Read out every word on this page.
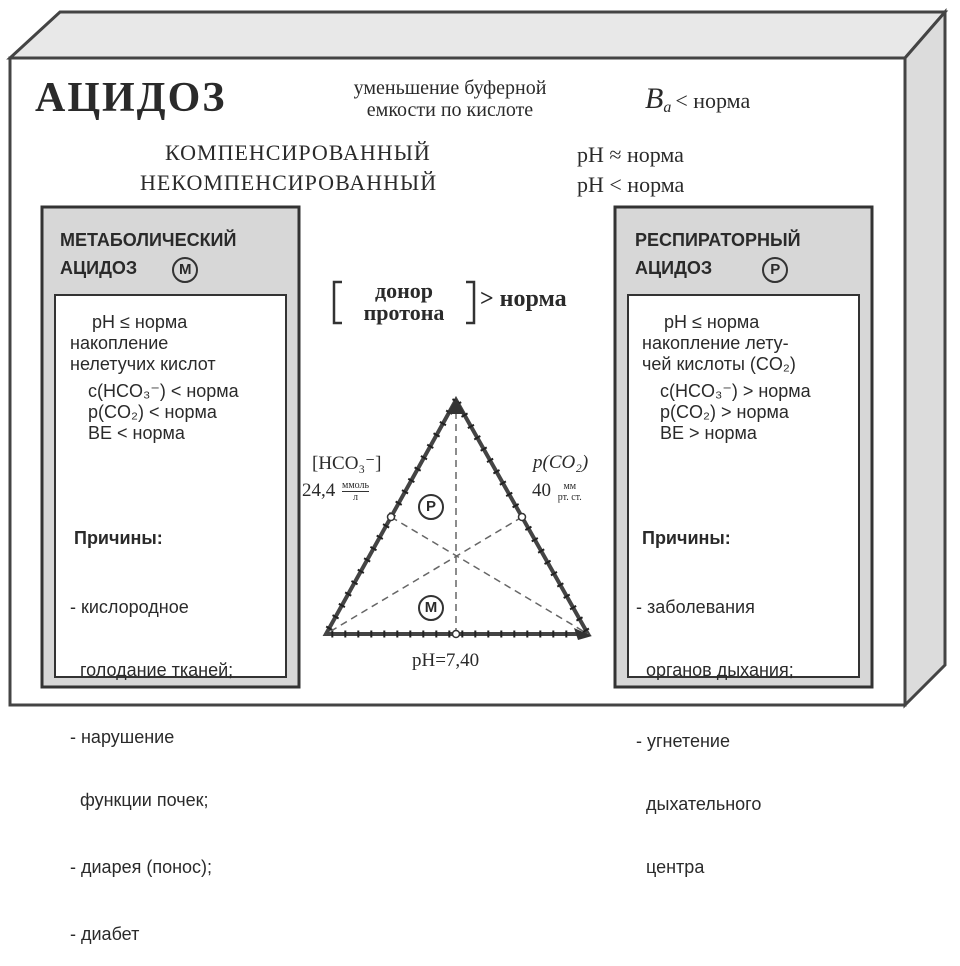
АЦИДОЗ	уменьшение буферной
емкости по кислоте	$B_a$ < норма
КОМПЕНСИРОВАННЫЙ	pH ≈ норма
НЕКОМПЕНСИРОВАННЫЙ	pH < норма
донор
протона
> норма
[HCO₃⁻]
24,4 ммоль
л
p(CO₂)
40	мм
рт. ст.
Р
М
pH=7,40
МЕТАБОЛИЧЕСКИЙ
АЦИДОЗ	М
pH ≤ норма
накопление
нелетучих кислот
c(HCO₃⁻) < норма
p(CO₂) < норма
BE < норма

Причины:

- кислородное

голодание тканей;

- нарушение

функции почек;

- диарея (понос);

- диабет

РЕСПИРАТОРНЫЙ
АЦИДОЗ	Р
pH ≤ норма
накопление лету-
чей кислоты (CO₂)
c(HCO₃⁻) > норма
p(CO₂) > норма
BE > норма

Причины:

- заболевания

органов дыхания;

- угнетение

дыхательного

центра
